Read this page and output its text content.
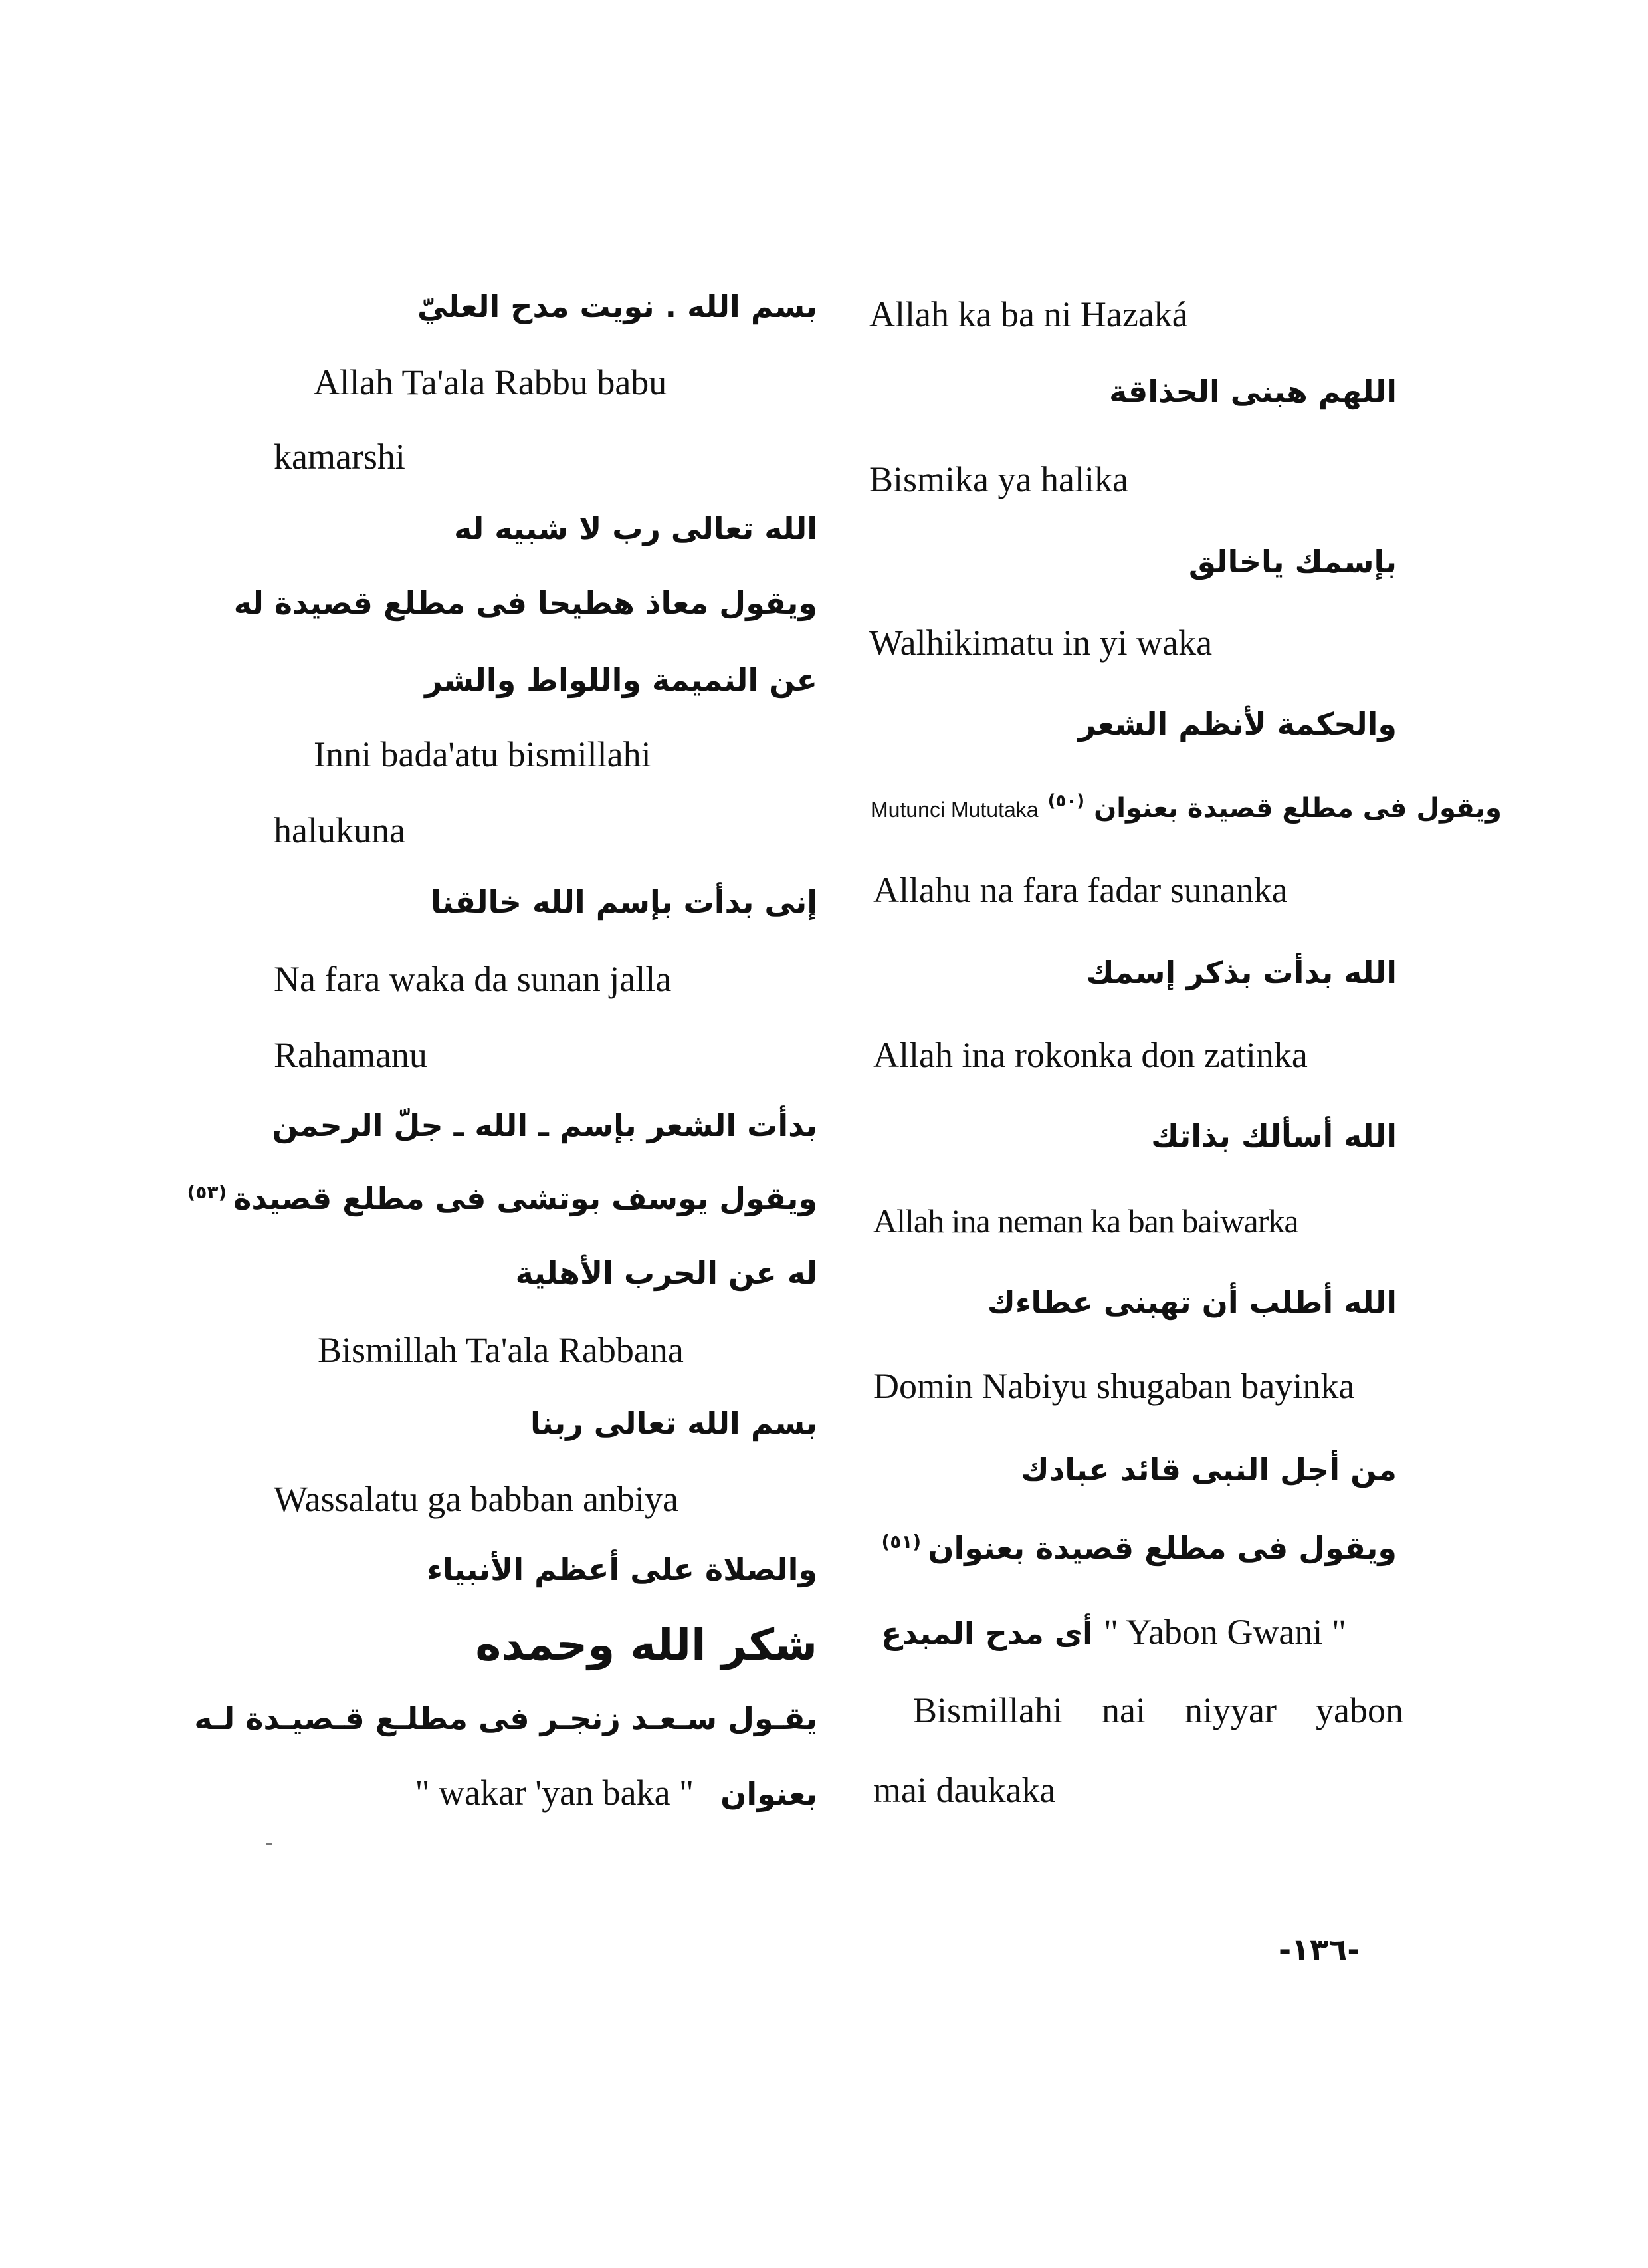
بسم الله . نويت مدح العليّ
Allah Ta'ala Rabbu babu
kamarshi
الله تعالى رب لا شبيه له
ويقول معاذ هطيحا فى مطلع قصيدة له
عن النميمة واللواط والشر
Inni bada'atu bismillahi
halukuna
إنى بدأت بإسم الله خالقنا
Na fara waka da sunan jalla
Rahamanu
بدأت الشعر بإسم ـ الله ـ جلّ الرحمن
(٥٣) ويقول يوسف بوتشى فى مطلع قصيدة
له عن الحرب الأهلية
Bismillah Ta'ala Rabbana
بسم الله تعالى ربنا
Wassalatu ga babban anbiya
والصلاة على أعظم الأنبياء
شكر الله وحمده
يقـول سـعـد زنجـر فى مطلـع قـصيـدة لـه
" wakar 'yan baka " بعنوان
Allah ka ba ni Hazaká
اللهم هبنى الحذاقة
Bismika ya halika
بإسمك ياخالق
Walhikimatu in yi waka
والحكمة لأنظم الشعر
Mutunci Mututaka (٥٠) ويقول فى مطلع قصيدة بعنوان
Allahu na fara fadar sunanka
الله بدأت بذكر إسمك
Allah ina rokonka don zatinka
الله أسألك بذاتك
Allah ina neman ka ban baiwarka
الله أطلب أن تهبنى عطاءك
Domin Nabiyu shugaban bayinka
من أجل النبى قائد عبادك
(٥١) ويقول فى مطلع قصيدة بعنوان
أى مدح المبدع " Yabon Gwani "
Bismillahi nai niyyar yabon
mai daukaka
-١٣٦-
